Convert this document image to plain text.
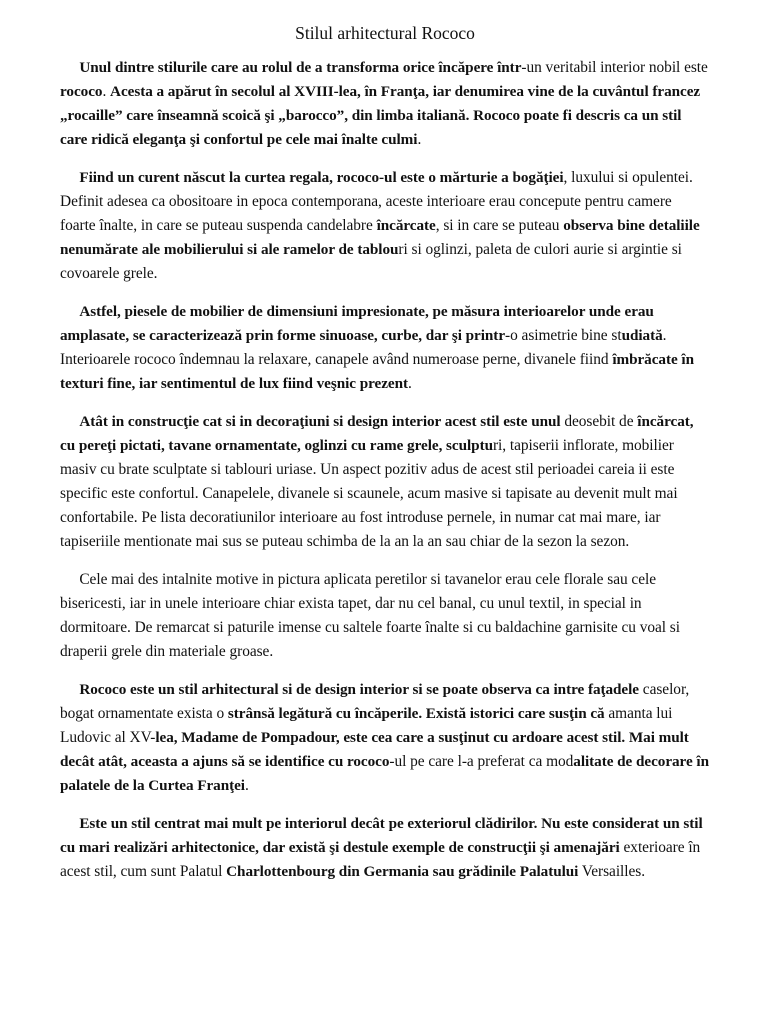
Stilul arhitectural Rococo

 Unul dintre stilurile care au rolul de a transforma orice încăpere într-un veritabil interior nobil este rococo. Acesta a apărut în secolul al XVIII-lea, în Franţa, iar denumirea vine de la cuvântul francez „rocaille” care înseamnă scoică şi „barocco”, din limba italiană. Rococo poate fi descris ca un stil care ridică eleganţa şi confortul pe cele mai înalte culmi.

 Fiind un curent născut la curtea regala, rococo-ul este o mărturie a bogăţiei, luxului si opulentei. Definit adesea ca obositoare in epoca contemporana, aceste interioare erau concepute pentru camere foarte înalte, in care se puteau suspenda candelabre încărcate, si in care se puteau observa bine detaliile nenumărate ale mobilierului si ale ramelor de tablouri si oglinzi, paleta de culori aurie si argintie si covoarele grele.

 Astfel, piesele de mobilier de dimensiuni impresionate, pe măsura interioarelor unde erau amplasate, se caracterizează prin forme sinuoase, curbe, dar şi printr-o asimetrie bine studiată. Interioarele rococo îndemnau la relaxare, canapele având numeroase perne, divanele fiind îmbrăcate în texturi fine, iar sentimentul de lux fiind veşnic prezent.

 Atât in construcţie cat si in decoraţiuni si design interior acest stil este unul deosebit de încărcat, cu pereţi pictati, tavane ornamentate, oglinzi cu rame grele, sculpturi, tapiserii inflorate, mobilier masiv cu brate sculptate si tablouri uriase. Un aspect pozitiv adus de acest stil perioadei careia ii este specific este confortul. Canapelele, divanele si scaunele, acum masive si tapisate au devenit mult mai confortabile. Pe lista decoratiunilor interioare au fost introduse pernele, in numar cat mai mare, iar tapiseriile mentionate mai sus se puteau schimba de la an la an sau chiar de la sezon la sezon.

 Cele mai des intalnite motive in pictura aplicata peretilor si tavanelor erau cele florale sau cele bisericesti, iar in unele interioare chiar exista tapet, dar nu cel banal, cu unul textil, in special in dormitoare. De remarcat si paturile imense cu saltele foarte înalte si cu baldachine garnisite cu voal si draperii grele din materiale groase.

 Rococo este un stil arhitectural si de design interior si se poate observa ca intre faţadele caselor, bogat ornamentate exista o strânsă legătură cu încăperile. Există istorici care susţin că amanta lui Ludovic al XV-lea, Madame de Pompadour, este cea care a susţinut cu ardoare acest stil. Mai mult decât atât, aceasta a ajuns să se identifice cu rococo-ul pe care l-a preferat ca modalitate de decorare în palatele de la Curtea Franţei.

 Este un stil centrat mai mult pe interiorul decât pe exteriorul clădirilor. Nu este considerat un stil cu mari realizări arhitectonice, dar există şi destule exemple de construcţii şi amenajări exterioare în acest stil, cum sunt Palatul Charlottenbourg din Germania sau grădinile Palatului Versailles.
